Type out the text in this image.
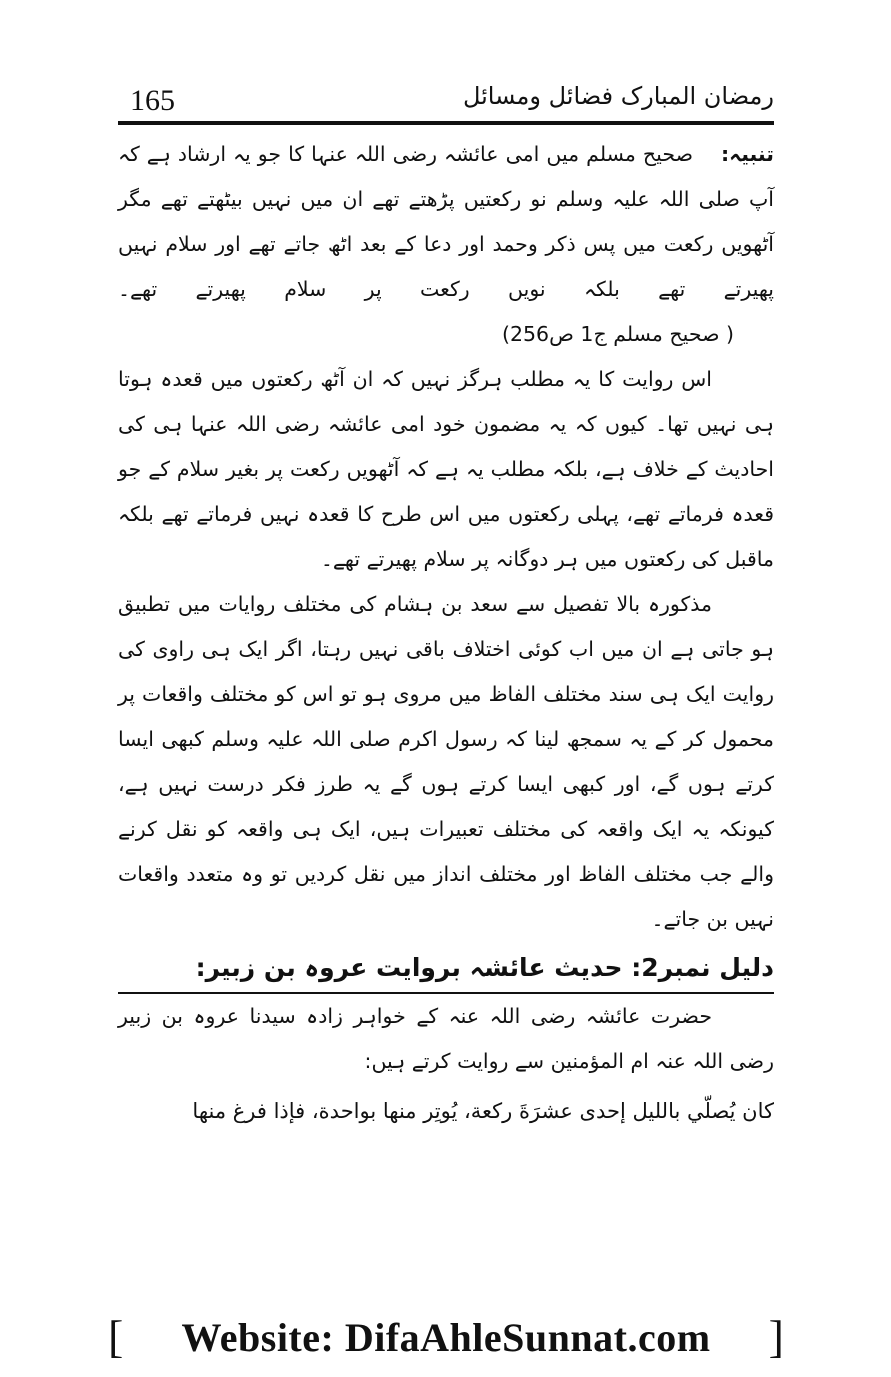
165	رمضان المبارک فضائل ومسائل

تنبیہ:صحیح مسلم میں امی عائشہ رضی اللہ عنہا کا جو یہ ارشاد ہے کہ آپ صلی اللہ علیہ وسلم نو رکعتیں پڑھتے تھے ان میں نہیں بیٹھتے تھے مگر آٹھویں رکعت میں پس ذکر وحمد اور دعا کے بعد اٹھ جاتے تھے اور سلام نہیں پھیرتے تھے بلکہ نویں رکعت پر سلام پھیرتے تھے۔( صحیح مسلم ج1 ص256)

اس روایت کا یہ مطلب ہرگز نہیں کہ ان آٹھ رکعتوں میں قعدہ ہوتا ہی نہیں تھا۔ کیوں کہ یہ مضمون خود امی عائشہ رضی اللہ عنہا ہی کی احادیث کے خلاف ہے، بلکہ مطلب یہ ہے کہ آٹھویں رکعت پر بغیر سلام کے جو قعدہ فرماتے تھے، پہلی رکعتوں میں اس طرح کا قعدہ نہیں فرماتے تھے بلکہ ماقبل کی رکعتوں میں ہر دوگانہ پر سلام پھیرتے تھے۔

مذکورہ بالا تفصیل سے سعد بن ہشام کی مختلف روایات میں تطبیق ہو جاتی ہے ان میں اب کوئی اختلاف باقی نہیں رہتا، اگر ایک ہی راوی کی روایت ایک ہی سند مختلف الفاظ میں مروی ہو تو اس کو مختلف واقعات پر محمول کر کے یہ سمجھ لینا کہ رسول اکرم صلی اللہ علیہ وسلم کبھی ایسا کرتے ہوں گے، اور کبھی ایسا کرتے ہوں گے یہ طرز فکر درست نہیں ہے، کیونکہ یہ ایک واقعہ کی مختلف تعبیرات ہیں، ایک ہی واقعہ کو نقل کرنے والے جب مختلف الفاظ اور مختلف انداز میں نقل کردیں تو وہ متعدد واقعات نہیں بن جاتے۔

دلیل نمبر2: حدیث عائشہ بروایت عروہ بن زبیر:

حضرت عائشہ رضی اللہ عنہ کے خواہر زادہ سیدنا عروہ بن زبیر رضی اللہ عنہ ام المؤمنین سے روایت کرتے ہیں:

كان يُصلّي بالليل إحدى عشرَةَ ركعة، يُوتِر منها بواحدة، فإذا فرغ منها

[ Website: DifaAhleSunnat.com ]
